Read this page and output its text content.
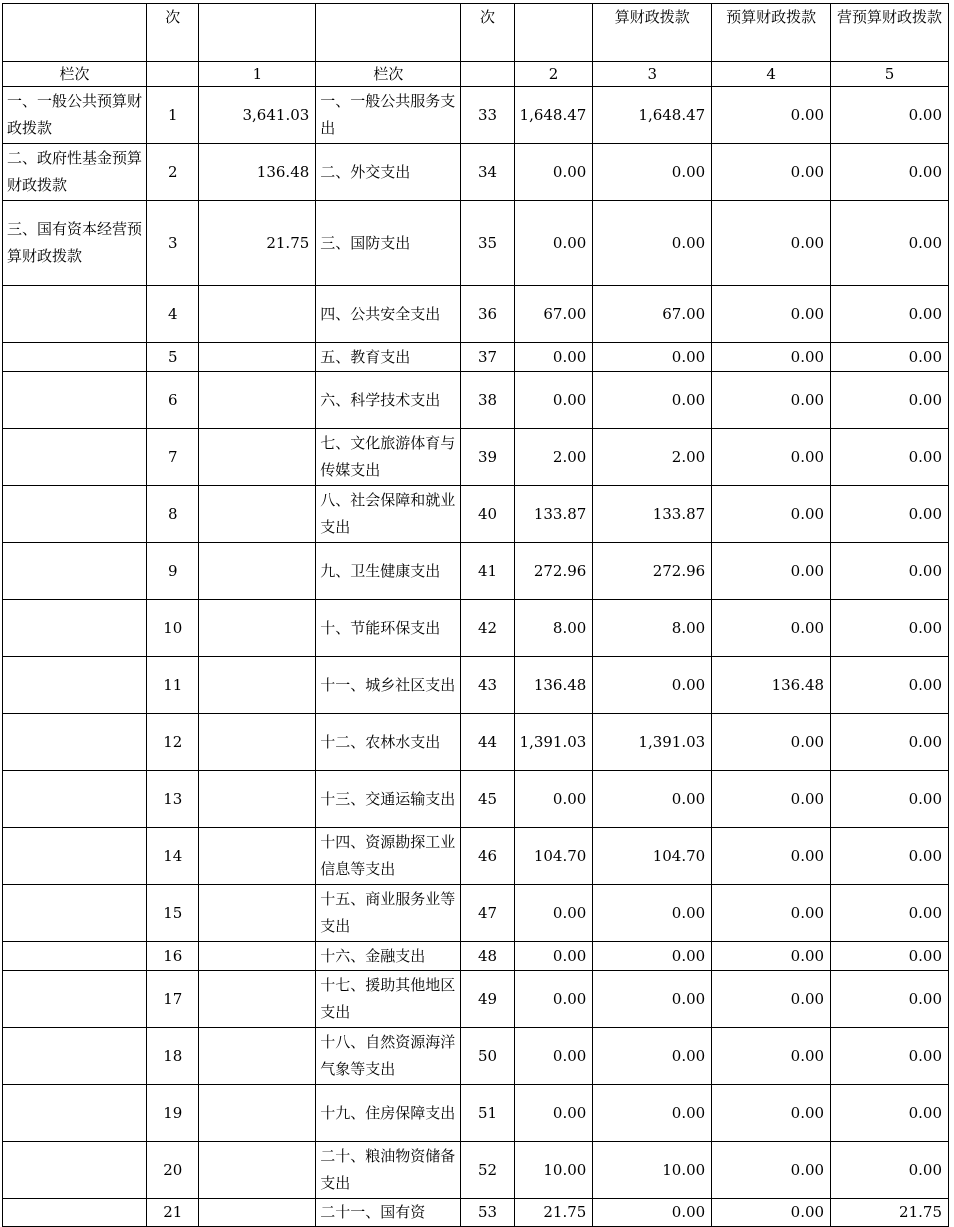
	次			次		算财政拨款	预算财政拨款	营预算财政拨款
栏次		1	栏次		2	3	4	5
一、一般公共预算财政拨款	1	3,641.03	一、一般公共服务支出	33	1,648.47	1,648.47	0.00	0.00
二、政府性基金预算财政拨款	2	136.48	二、外交支出	34	0.00	0.00	0.00	0.00
三、国有资本经营预算财政拨款	3	21.75	三、国防支出	35	0.00	0.00	0.00	0.00
	4		四、公共安全支出	36	67.00	67.00	0.00	0.00
	5		五、教育支出	37	0.00	0.00	0.00	0.00
	6		六、科学技术支出	38	0.00	0.00	0.00	0.00
	7		七、文化旅游体育与传媒支出	39	2.00	2.00	0.00	0.00
	8		八、社会保障和就业支出	40	133.87	133.87	0.00	0.00
	9		九、卫生健康支出	41	272.96	272.96	0.00	0.00
	10		十、节能环保支出	42	8.00	8.00	0.00	0.00
	11		十一、城乡社区支出	43	136.48	0.00	136.48	0.00
	12		十二、农林水支出	44	1,391.03	1,391.03	0.00	0.00
	13		十三、交通运输支出	45	0.00	0.00	0.00	0.00
	14		十四、资源勘探工业信息等支出	46	104.70	104.70	0.00	0.00
	15		十五、商业服务业等支出	47	0.00	0.00	0.00	0.00
	16		十六、金融支出	48	0.00	0.00	0.00	0.00
	17		十七、援助其他地区支出	49	0.00	0.00	0.00	0.00
	18		十八、自然资源海洋气象等支出	50	0.00	0.00	0.00	0.00
	19		十九、住房保障支出	51	0.00	0.00	0.00	0.00
	20		二十、粮油物资储备支出	52	10.00	10.00	0.00	0.00
	21		二十一、国有资	53	21.75	0.00	0.00	21.75
